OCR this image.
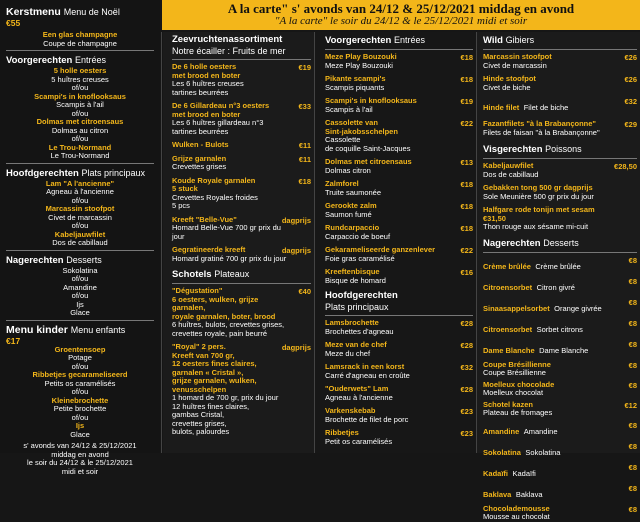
A la carte" s' avonds van 24/12 & 25/12/2021 middag en avond
"A la carte" le soir du 24/12 & le 25/12/2021 midi et soir
Kerstmenu Menu de Noël
€55
Een glas champagne
Coupe de champagne
Voorgerechten Entrées
5 holle oesters
5 huîtres creuses
of/ou
Scampi's in knoflooksaus
Scampis à l'ail
of/ou
Dolmas met citroensaus
Dolmas au citron
of/ou
Le Trou-Normand
Le Trou-Normand
Hoofdgerechten Plats principaux
Lam "A l'ancienne"
Agneau à l'ancienne
of/ou
Marcassin stoofpot
Civet de marcassin
of/ou
Kabeljauwfilet
Dos de cabillaud
Nagerechten Desserts
Sokolatina
of/ou
Amandine
of/ou
Ijs
Glace
Menu kinder Menu enfants
€17
Groentensoep
Potage
of/ou
Ribbetjes gecarameliseerd
Petits os caramélisés
of/ou
Kleinebrochette
Petite brochette
of/ou
Ijs
Glace
s' avonds van 24/12 & 25/12/2021
middag en avond
le soir du 24/12 & le 25/12/2021
midi et soir
Zeevruchtenassortiment
Notre écailler : Fruits de mer
€19
De 6 holle oesters
met brood en boter
Les 6 huîtres creuses
tartines beurrées
€33
De 6 Gillardeau n°3 oesters
met brood en boter
Les 6 huîtres gillardeau n°3
tartines beurrées
€11
Wulken - Bulots
€11
Grijze garnalen
Crevettes grises
€18
Koude Royale garnalen
5 stuck
Crevettes Royales froides
5 pcs
dagprijs
Kreeft "Belle-Vue"
Homard Belle-Vue 700 gr prix du jour
dagprijs
Gegratineerde kreeft
Homard gratiné 700 gr prix du jour
Schotels Plateaux
€40
"Dégustation"
6 oesters, wulken, grijze garnalen,
royale garnalen, boter, brood
6 huîtres, bulots, crevettes grises,
crevettes royale, pain beurré
dagprijs
"Royal" 2 pers.
Kreeft van 700 gr,
12 oesters fines claires,
garnalen « Cristal »,
grijze garnalen, wulken,
venusschelpen
1 homard de 700 gr, prix du jour
12 huîtres fines claires,
gambas Cristal,
crevettes grises,
bulots, palourdes
Voorgerechten Entrées
€18
Meze Play Bouzouki
Meze Play Bouzouki
€18
Pikante scampi's
Scampis piquants
€19
Scampi's in knoflooksaus
Scampis à l'ail
€22
Cassolette van
Sint-jakobsschelpen
Cassolette
de coquille Saint-Jacques
€13
Dolmas met citroensaus
Dolmas citron
€18
Zalmforel
Truite saumonée
€18
Gerookte zalm
Saumon fumé
€18
Rundcarpaccio
Carpaccio de boeuf
€22
Gekarameliseerde ganzenlever
Foie gras caramélisé
€16
Kreeftenbisque
Bisque de homard
Hoofdgerechten
Plats principaux
€28
Lamsbrochette
Brochettes d'agneau
€28
Meze van de chef
Meze du chef
€32
Lamsrack in een korst
Carré d'agneau en croûte
€28
"Ouderwets" Lam
Agneau à l'ancienne
€23
Varkenskebab
Brochette de filet de porc
€23
Ribbetjes
Petit os caramélisés
Wild Gibiers
€26
Marcassin stoofpot
Civet de marcassin
€26
Hinde stoofpot
Civet de biche
€32
Hinde filet Filet de biche
€29
Fazantfilets "à la Brabançonne"
Filets de faisan "à la Brabançonne"
Visgerechten Poissons
€28,50
Kabeljauwfilet
Dos de cabillaud
Gebakken tong 500 gr dagprijs
Sole Meunière 500 gr prix du jour
Halfgare rode tonijn met sesam €31,50
Thon rouge aux sésame mi-cuit
Nagerechten Desserts
€8
Crème brûlée Crème brûlée
€8
Citroensorbet Citron givré
€8
Sinaasappelsorbet Orange givrée
€8
Citroensorbet Sorbet citrons
€8
Dame Blanche Dame Blanche
€8
Coupe Brésillienne
Coupe Brésillienne
€8
Moelleux chocolade
Moelleux chocolat
€12
Schotel kazen
Plateau de fromages
€8
Amandine Amandine
€8
Sokolatina Sokolatina
€8
Kadaïfi Kadaïfi
€8
Baklava Baklava
€8
Chocolademousse
Mousse au chocolat
